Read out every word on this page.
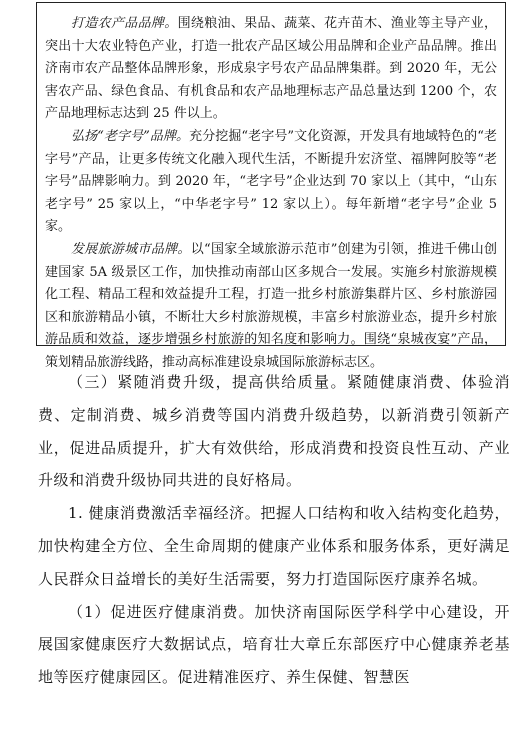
打造农产品品牌。围绕粮油、果品、蔬菜、花卉苗木、渔业等主导产业，突出十大农业特色产业，打造一批农产品区域公用品牌和企业产品品牌。推出济南市农产品整体品牌形象，形成泉字号农产品品牌集群。到 2020 年，无公害农产品、绿色食品、有机食品和农产品地理标志产品总量达到 1200 个，农产品地理标志达到 25 件以上。

弘扬“老字号”品牌。充分挖掘“老字号”文化资源，开发具有地域特色的“老字号”产品，让更多传统文化融入现代生活，不断提升宏济堂、福牌阿胶等“老字号”品牌影响力。到 2020 年，“老字号”企业达到 70 家以上（其中，“山东老字号” 25 家以上，“中华老字号” 12 家以上）。每年新增“老字号”企业 5 家。

发展旅游城市品牌。以“国家全域旅游示范市”创建为引领，推进千佛山创建国家 5A 级景区工作，加快推动南部山区多规合一发展。实施乡村旅游规模化工程、精品工程和效益提升工程，打造一批乡村旅游集群片区、乡村旅游园区和旅游精品小镇，不断壮大乡村旅游规模，丰富乡村旅游业态，提升乡村旅游品质和效益，逐步增强乡村旅游的知名度和影响力。围绕“泉城夜宴”产品，策划精品旅游线路，推动高标准建设泉城国际旅游标志区。

（三）紧随消费升级，提高供给质量。紧随健康消费、体验消费、定制消费、城乡消费等国内消费升级趋势，以新消费引领新产业，促进品质提升，扩大有效供给，形成消费和投资良性互动、产业升级和消费升级协同共进的良好格局。

1. 健康消费激活幸福经济。把握人口结构和收入结构变化趋势，加快构建全方位、全生命周期的健康产业体系和服务体系，更好满足人民群众日益增长的美好生活需要，努力打造国际医疗康养名城。

（1）促进医疗健康消费。加快济南国际医学科学中心建设，开展国家健康医疗大数据试点，培育壮大章丘东部医疗中心健康养老基地等医疗健康园区。促进精准医疗、养生保健、智慧医
